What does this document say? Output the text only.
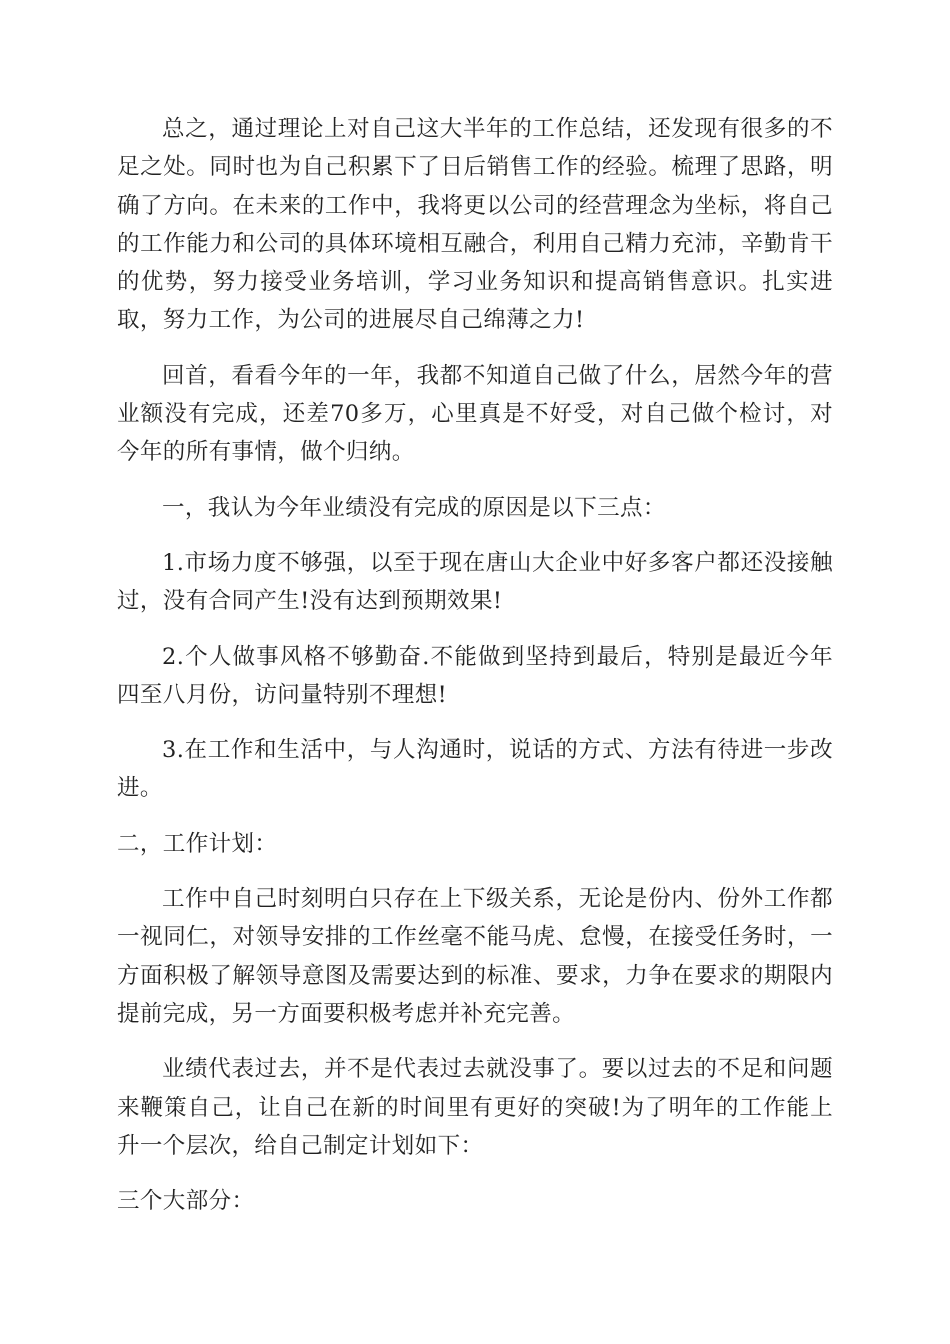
总之，通过理论上对自己这大半年的工作总结，还发现有很多的不足之处。同时也为自己积累下了日后销售工作的经验。梳理了思路，明确了方向。在未来的工作中，我将更以公司的经营理念为坐标，将自己的工作能力和公司的具体环境相互融合，利用自己精力充沛，辛勤肯干的优势，努力接受业务培训，学习业务知识和提高销售意识。扎实进取，努力工作，为公司的进展尽自己绵薄之力!

回首，看看今年的一年，我都不知道自己做了什么，居然今年的营业额没有完成，还差70多万，心里真是不好受，对自己做个检讨，对今年的所有事情，做个归纳。

一，我认为今年业绩没有完成的原因是以下三点：

1.市场力度不够强，以至于现在唐山大企业中好多客户都还没接触过，没有合同产生!没有达到预期效果!

2.个人做事风格不够勤奋.不能做到坚持到最后，特别是最近今年四至八月份，访问量特别不理想!

3.在工作和生活中，与人沟通时，说话的方式、方法有待进一步改进。

二，工作计划：

工作中自己时刻明白只存在上下级关系，无论是份内、份外工作都一视同仁，对领导安排的工作丝毫不能马虎、怠慢，在接受任务时，一方面积极了解领导意图及需要达到的标准、要求，力争在要求的期限内提前完成，另一方面要积极考虑并补充完善。

业绩代表过去，并不是代表过去就没事了。要以过去的不足和问题来鞭策自己，让自己在新的时间里有更好的突破!为了明年的工作能上升一个层次，给自己制定计划如下：

三个大部分：
